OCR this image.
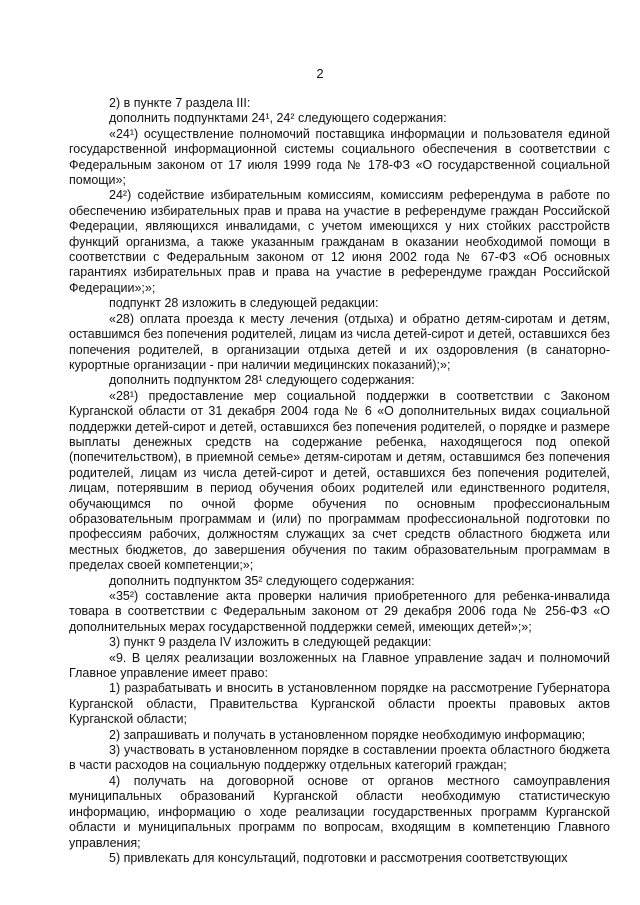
2

2) в пункте 7 раздела III:

дополнить подпунктами 24¹, 24² следующего содержания:

«24¹) осуществление полномочий поставщика информации и пользователя единой государственной информационной системы социального обеспечения в соответствии с Федеральным законом от 17 июля 1999 года № 178-ФЗ «О государственной социальной помощи»;

24²) содействие избирательным комиссиям, комиссиям референдума в работе по обеспечению избирательных прав и права на участие в референдуме граждан Российской Федерации, являющихся инвалидами, с учетом имеющихся у них стойких расстройств функций организма, а также указанным гражданам в оказании необходимой помощи в соответствии с Федеральным законом от 12 июня 2002 года № 67-ФЗ «Об основных гарантиях избирательных прав и права на участие в референдуме граждан Российской Федерации»;»;

подпункт 28 изложить в следующей редакции:

«28) оплата проезда к месту лечения (отдыха) и обратно детям-сиротам и детям, оставшимся без попечения родителей, лицам из числа детей-сирот и детей, оставшихся без попечения родителей, в организации отдыха детей и их оздоровления (в санаторно-курортные организации - при наличии медицинских показаний);»;

дополнить подпунктом 28¹ следующего содержания:

«28¹) предоставление мер социальной поддержки в соответствии с Законом Курганской области от 31 декабря 2004 года № 6 «О дополнительных видах социальной поддержки детей-сирот и детей, оставшихся без попечения родителей, о порядке и размере выплаты денежных средств на содержание ребенка, находящегося под опекой (попечительством), в приемной семье» детям-сиротам и детям, оставшимся без попечения родителей, лицам из числа детей-сирот и детей, оставшихся без попечения родителей, лицам, потерявшим в период обучения обоих родителей или единственного родителя, обучающимся по очной форме обучения по основным профессиональным образовательным программам и (или) по программам профессиональной подготовки по профессиям рабочих, должностям служащих за счет средств областного бюджета или местных бюджетов, до завершения обучения по таким образовательным программам в пределах своей компетенции;»;

дополнить подпунктом 35² следующего содержания:

«35²) составление акта проверки наличия приобретенного для ребенка-инвалида товара в соответствии с Федеральным законом от 29 декабря 2006 года № 256-ФЗ «О дополнительных мерах государственной поддержки семей, имеющих детей»;»;

3) пункт 9 раздела IV изложить в следующей редакции:

«9. В целях реализации возложенных на Главное управление задач и полномочий Главное управление имеет право:

1) разрабатывать и вносить в установленном порядке на рассмотрение Губернатора Курганской области, Правительства Курганской области проекты правовых актов Курганской области;

2) запрашивать и получать в установленном порядке необходимую информацию;

3) участвовать в установленном порядке в составлении проекта областного бюджета в части расходов на социальную поддержку отдельных категорий граждан;

4) получать на договорной основе от органов местного самоуправления муниципальных образований Курганской области необходимую статистическую информацию, информацию о ходе реализации государственных программ Курганской области и муниципальных программ по вопросам, входящим в компетенцию Главного управления;

5) привлекать для консультаций, подготовки и рассмотрения соответствующих
